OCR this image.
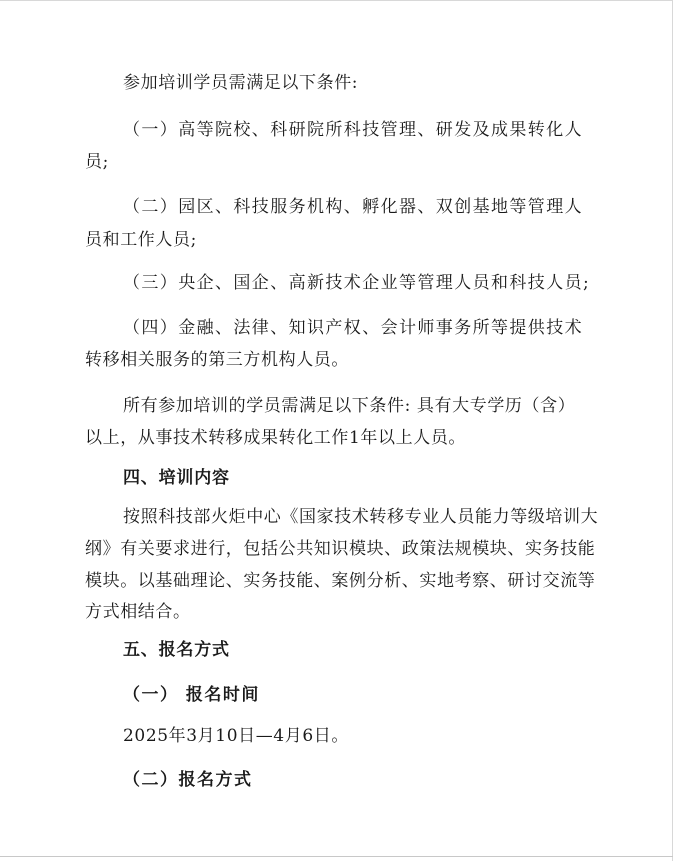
参加培训学员需满足以下条件:
（一）高等院校、科研院所科技管理、研发及成果转化人
员;
（二）园区、科技服务机构、孵化器、双创基地等管理人
员和工作人员;
（三）央企、国企、高新技术企业等管理人员和科技人员;
（四）金融、法律、知识产权、会计师事务所等提供技术
转移相关服务的第三方机构人员。
所有参加培训的学员需满足以下条件: 具有大专学历（含）
以上，从事技术转移成果转化工作1年以上人员。
四、培训内容
按照科技部火炬中心《国家技术转移专业人员能力等级培训大
纲》有关要求进行，包括公共知识模块、政策法规模块、实务技能
模块。以基础理论、实务技能、案例分析、实地考察、研讨交流等
方式相结合。
五、报名方式
（一） 报名时间
2025年3月10日—4月6日。
（二）报名方式
